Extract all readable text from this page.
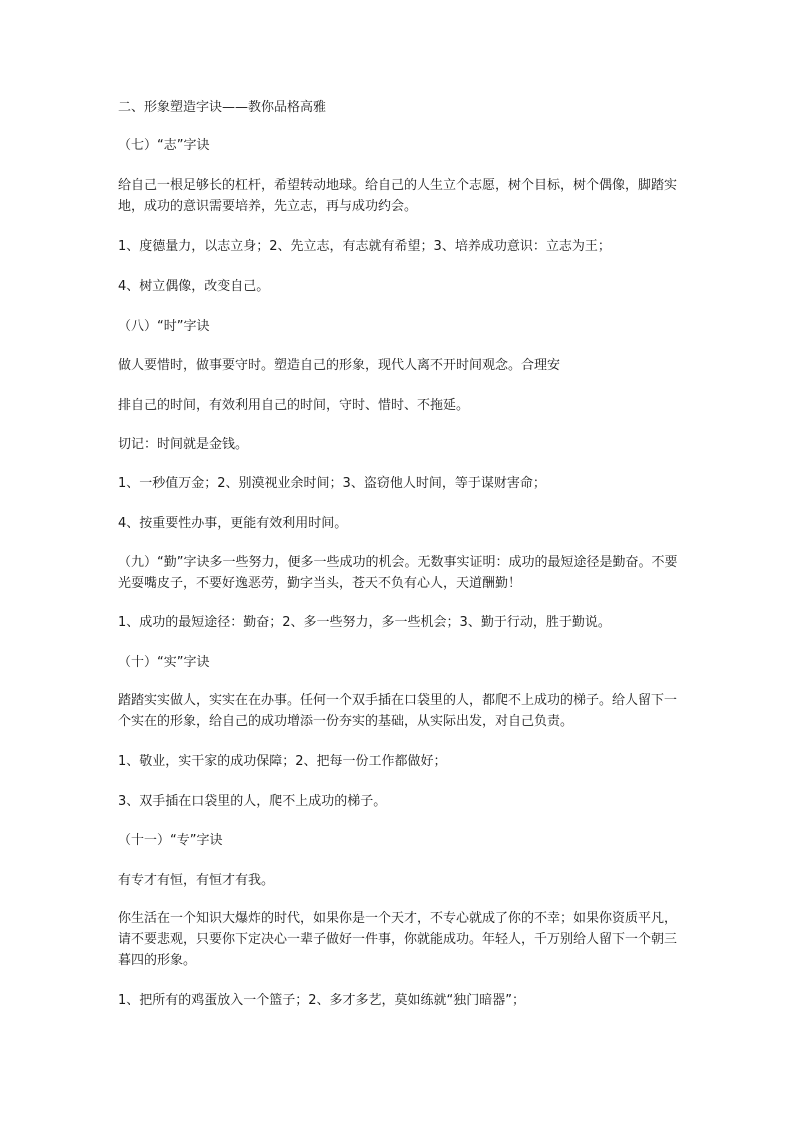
二、形象塑造字诀——教你品格高雅

（七）“志”字诀

给自己一根足够长的杠杆，希望转动地球。给自己的人生立个志愿，树个目标，树个偶像，脚踏实地，成功的意识需要培养，先立志，再与成功约会。

1、度德量力，以志立身；2、先立志，有志就有希望；3、培养成功意识：立志为王；

4、树立偶像，改变自己。

（八）“时”字诀

做人要惜时，做事要守时。塑造自己的形象，现代人离不开时间观念。合理安

排自己的时间，有效利用自己的时间，守时、惜时、不拖延。

切记：时间就是金钱。

1、一秒值万金；2、别漠视业余时间；3、盗窃他人时间，等于谋财害命；

4、按重要性办事，更能有效利用时间。

（九）“勤”字诀多一些努力，便多一些成功的机会。无数事实证明：成功的最短途径是勤奋。不要光耍嘴皮子，不要好逸恶劳，勤字当头，苍天不负有心人，天道酬勤！

1、成功的最短途径：勤奋；2、多一些努力，多一些机会；3、勤于行动，胜于勤说。

（十）“实”字诀

踏踏实实做人，实实在在办事。任何一个双手插在口袋里的人，都爬不上成功的梯子。给人留下一个实在的形象，给自己的成功增添一份夯实的基础，从实际出发，对自己负责。

1、敬业，实干家的成功保障；2、把每一份工作都做好；

3、双手插在口袋里的人，爬不上成功的梯子。

（十一）“专”字诀

有专才有恒，有恒才有我。

你生活在一个知识大爆炸的时代，如果你是一个天才，不专心就成了你的不幸；如果你资质平凡，请不要悲观，只要你下定决心一辈子做好一件事，你就能成功。年轻人，千万别给人留下一个朝三暮四的形象。

1、把所有的鸡蛋放入一个篮子；2、多才多艺，莫如练就“独门暗器”；
